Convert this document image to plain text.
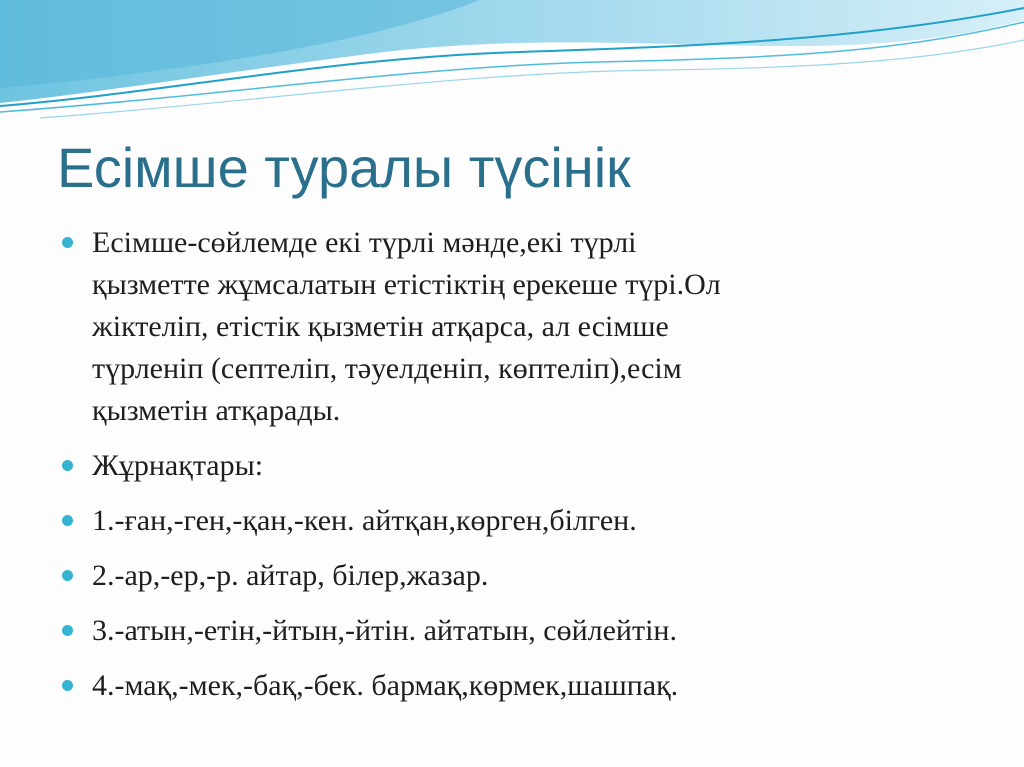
Есімше туралы түсінік
Есімше-сөйлемде екі түрлі мәнде,екі түрлі
қызметте жұмсалатын етістіктің ерекеше түрі.Ол
жіктеліп, етістік қызметін атқарса, ал есімше
түрленіп (септеліп, тәуелденіп, көптеліп),есім
қызметін атқарады.
Жұрнақтары:
1.-ған,-ген,-қан,-кен. айтқан,көрген,білген.
2.-ар,-ер,-р. айтар, білер,жазар.
3.-атын,-етін,-йтын,-йтін. айтатын, сөйлейтін.
4.-мақ,-мек,-бақ,-бек. бармақ,көрмек,шашпақ.
